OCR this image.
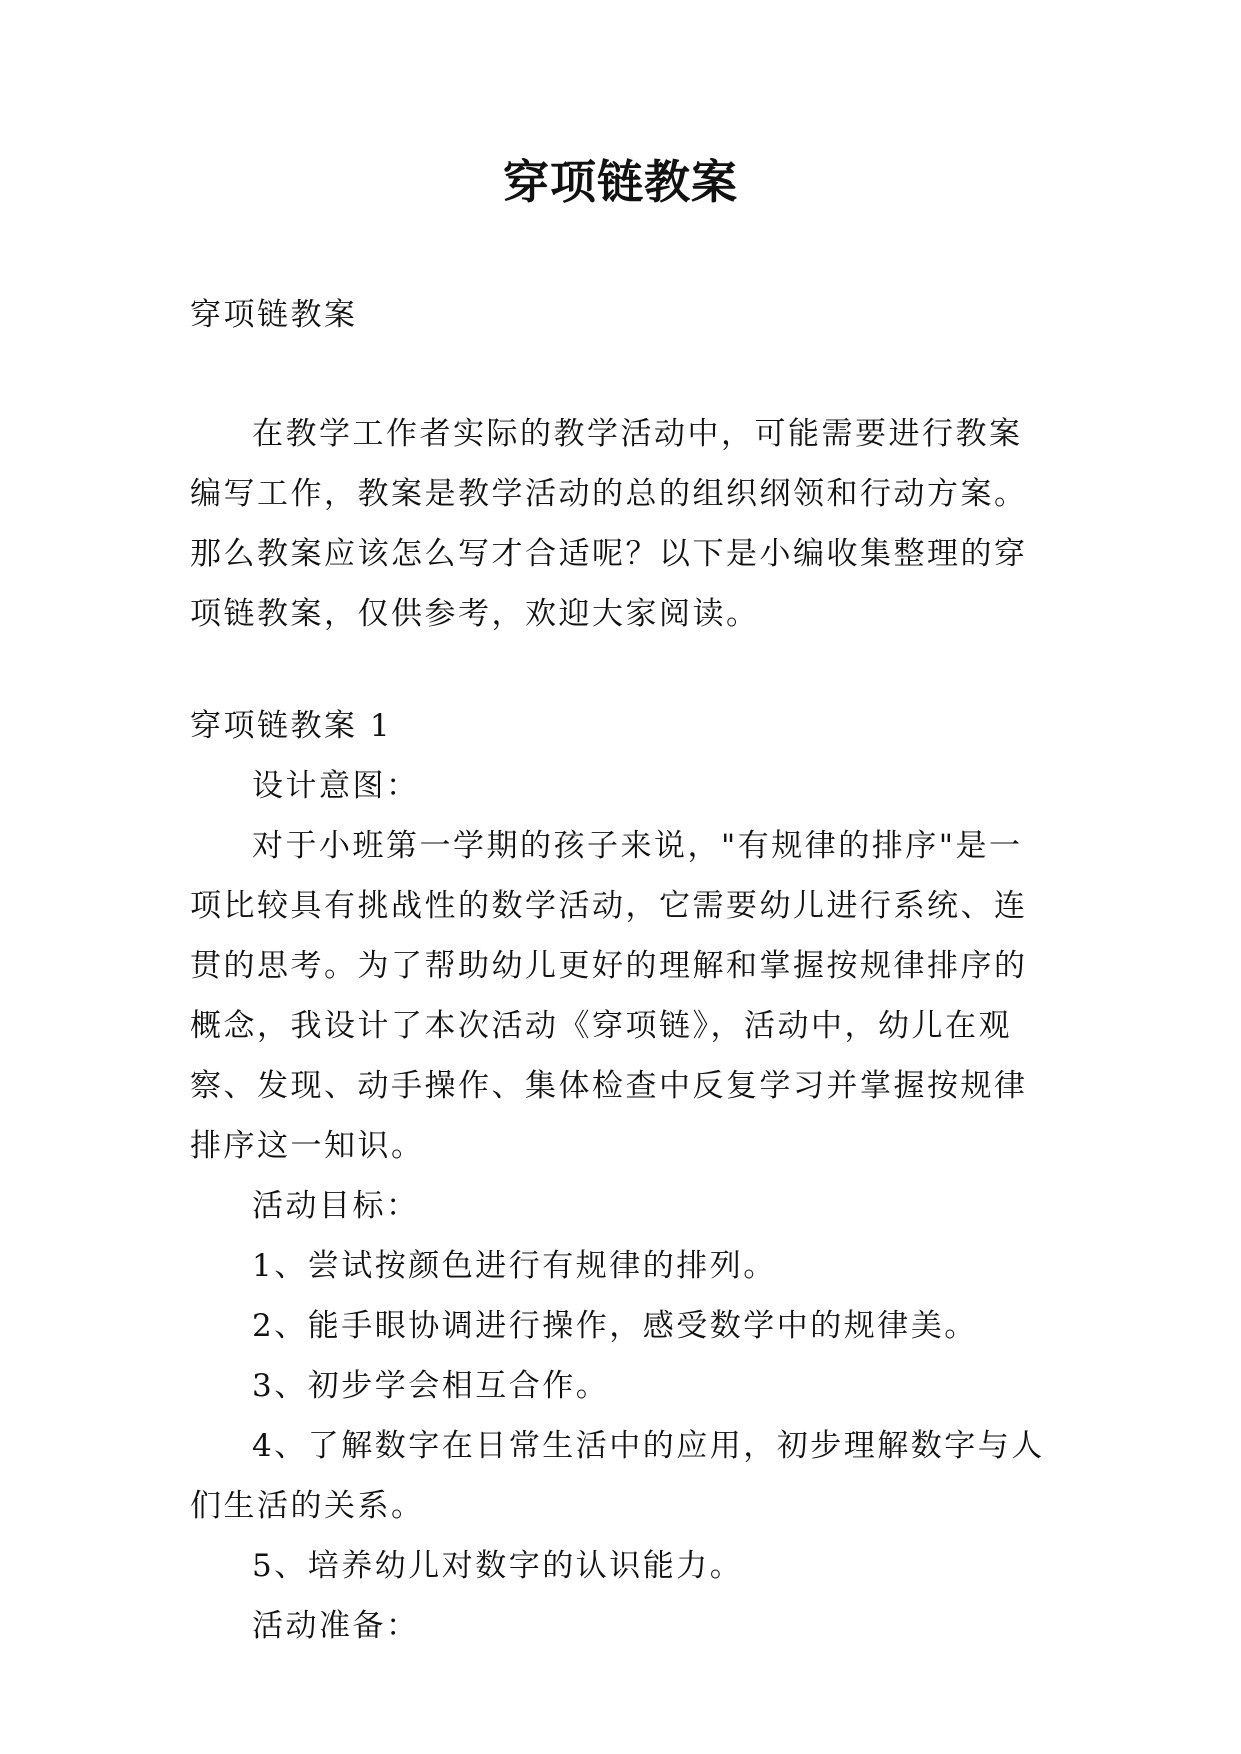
穿项链教案

穿项链教案

在教学工作者实际的教学活动中，可能需要进行教案编写工作，教案是教学活动的总的组织纲领和行动方案。那么教案应该怎么写才合适呢？以下是小编收集整理的穿项链教案，仅供参考，欢迎大家阅读。

穿项链教案 1

设计意图：

对于小班第一学期的孩子来说，"有规律的排序"是一项比较具有挑战性的数学活动，它需要幼儿进行系统、连贯的思考。为了帮助幼儿更好的理解和掌握按规律排序的概念，我设计了本次活动《穿项链》，活动中，幼儿在观察、发现、动手操作、集体检查中反复学习并掌握按规律排序这一知识。

活动目标：

1、尝试按颜色进行有规律的排列。

2、能手眼协调进行操作，感受数学中的规律美。

3、初步学会相互合作。

4、了解数字在日常生活中的应用，初步理解数字与人们生活的关系。

5、培养幼儿对数字的认识能力。

活动准备：
